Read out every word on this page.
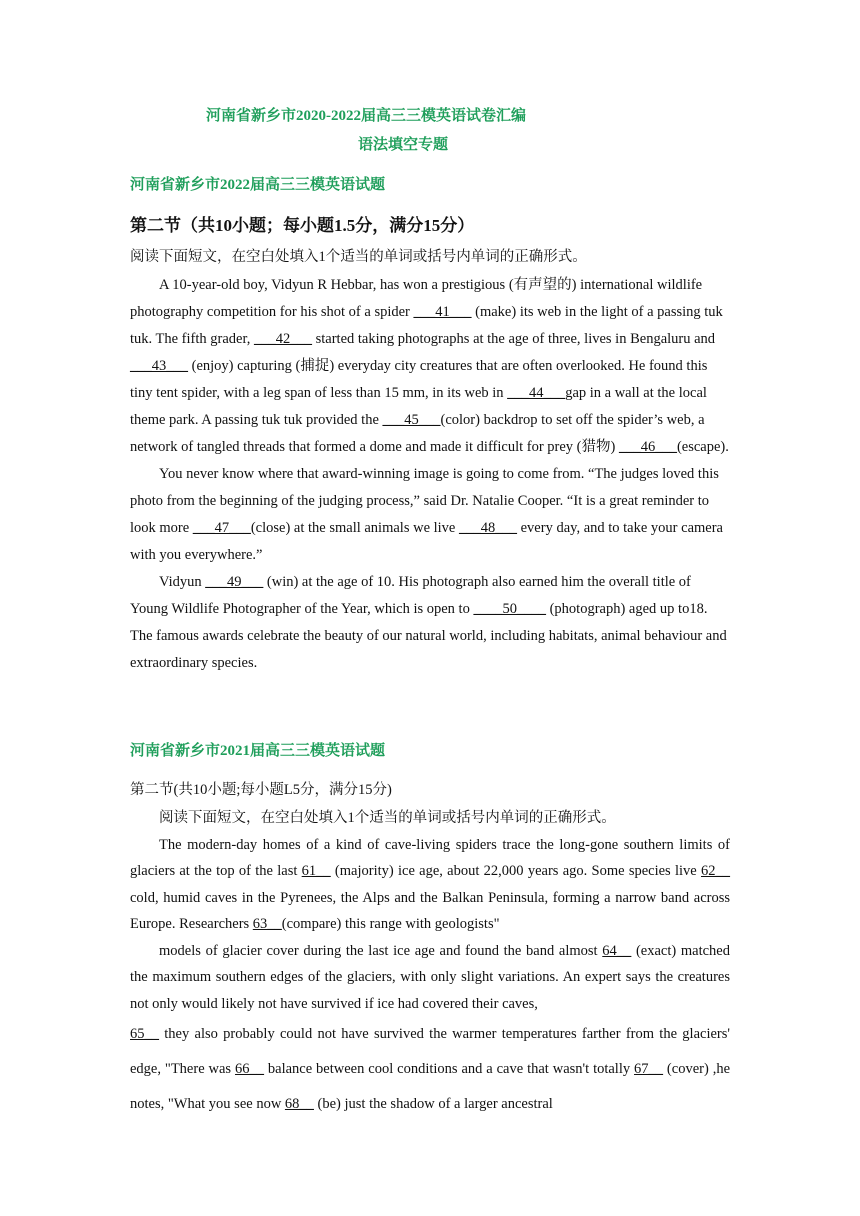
河南省新乡市2020-2022届高三三模英语试卷汇编
语法填空专题
河南省新乡市2022届高三三模英语试题
第二节（共10小题；每小题1.5分，满分15分）
阅读下面短文，在空白处填入1个适当的单词或括号内单词的正确形式。

A 10-year-old boy, Vidyun R Hebbar, has won a prestigious (有声望的) international wildlife photography competition for his shot of a spider ___41___ (make) its web in the light of a passing tuk tuk. The fifth grader, ___42___ started taking photographs at the age of three, lives in Bengaluru and ___43___ (enjoy) capturing (捕捉) everyday city creatures that are often overlooked. He found this tiny tent spider, with a leg span of less than 15 mm, in its web in ___44___gap in a wall at the local theme park. A passing tuk tuk provided the ___45___(color) backdrop to set off the spider’s web, a network of tangled threads that formed a dome and made it difficult for prey (猎物) ___46___(escape).

You never know where that award-winning image is going to come from. “The judges loved this photo from the beginning of the judging process,” said Dr. Natalie Cooper. “It is a great reminder to look more ___47___(close) at the small animals we live ___48___ every day, and to take your camera with you everywhere.”

Vidyun ___49___ (win) at the age of 10. His photograph also earned him the overall title of Young Wildlife Photographer of the Year, which is open to ____50____ (photograph) aged up to18. The famous awards celebrate the beauty of our natural world, including habitats, animal behaviour and extraordinary species.

河南省新乡市2021届高三三模英语试题
第二节(共10小题;每小题L5分，满分15分)

阅读下面短文，在空白处填入1个适当的单词或括号内单词的正确形式。

The modern-day homes of a kind of cave-living spiders trace the long-gone southern limits of glaciers at the top of the last 61__ (majority) ice age, about 22,000 years ago. Some species live 62__ cold, humid caves in the Pyrenees, the Alps and the Balkan Peninsula, forming a narrow band across Europe. Researchers 63__(compare) this range with geologists"

models of glacier cover during the last ice age and found the band almost 64__ (exact) matched the maximum southern edges of the glaciers, with only slight variations. An expert says the creatures not only would likely not have survived if ice had covered their caves,

65__ they also probably could not have survived the warmer temperatures farther from the glaciers' edge, "There was 66__ balance between cool conditions and a cave that wasn't totally 67__ (cover) ,he notes, "What you see now 68__ (be) just the shadow of a larger ancestral
